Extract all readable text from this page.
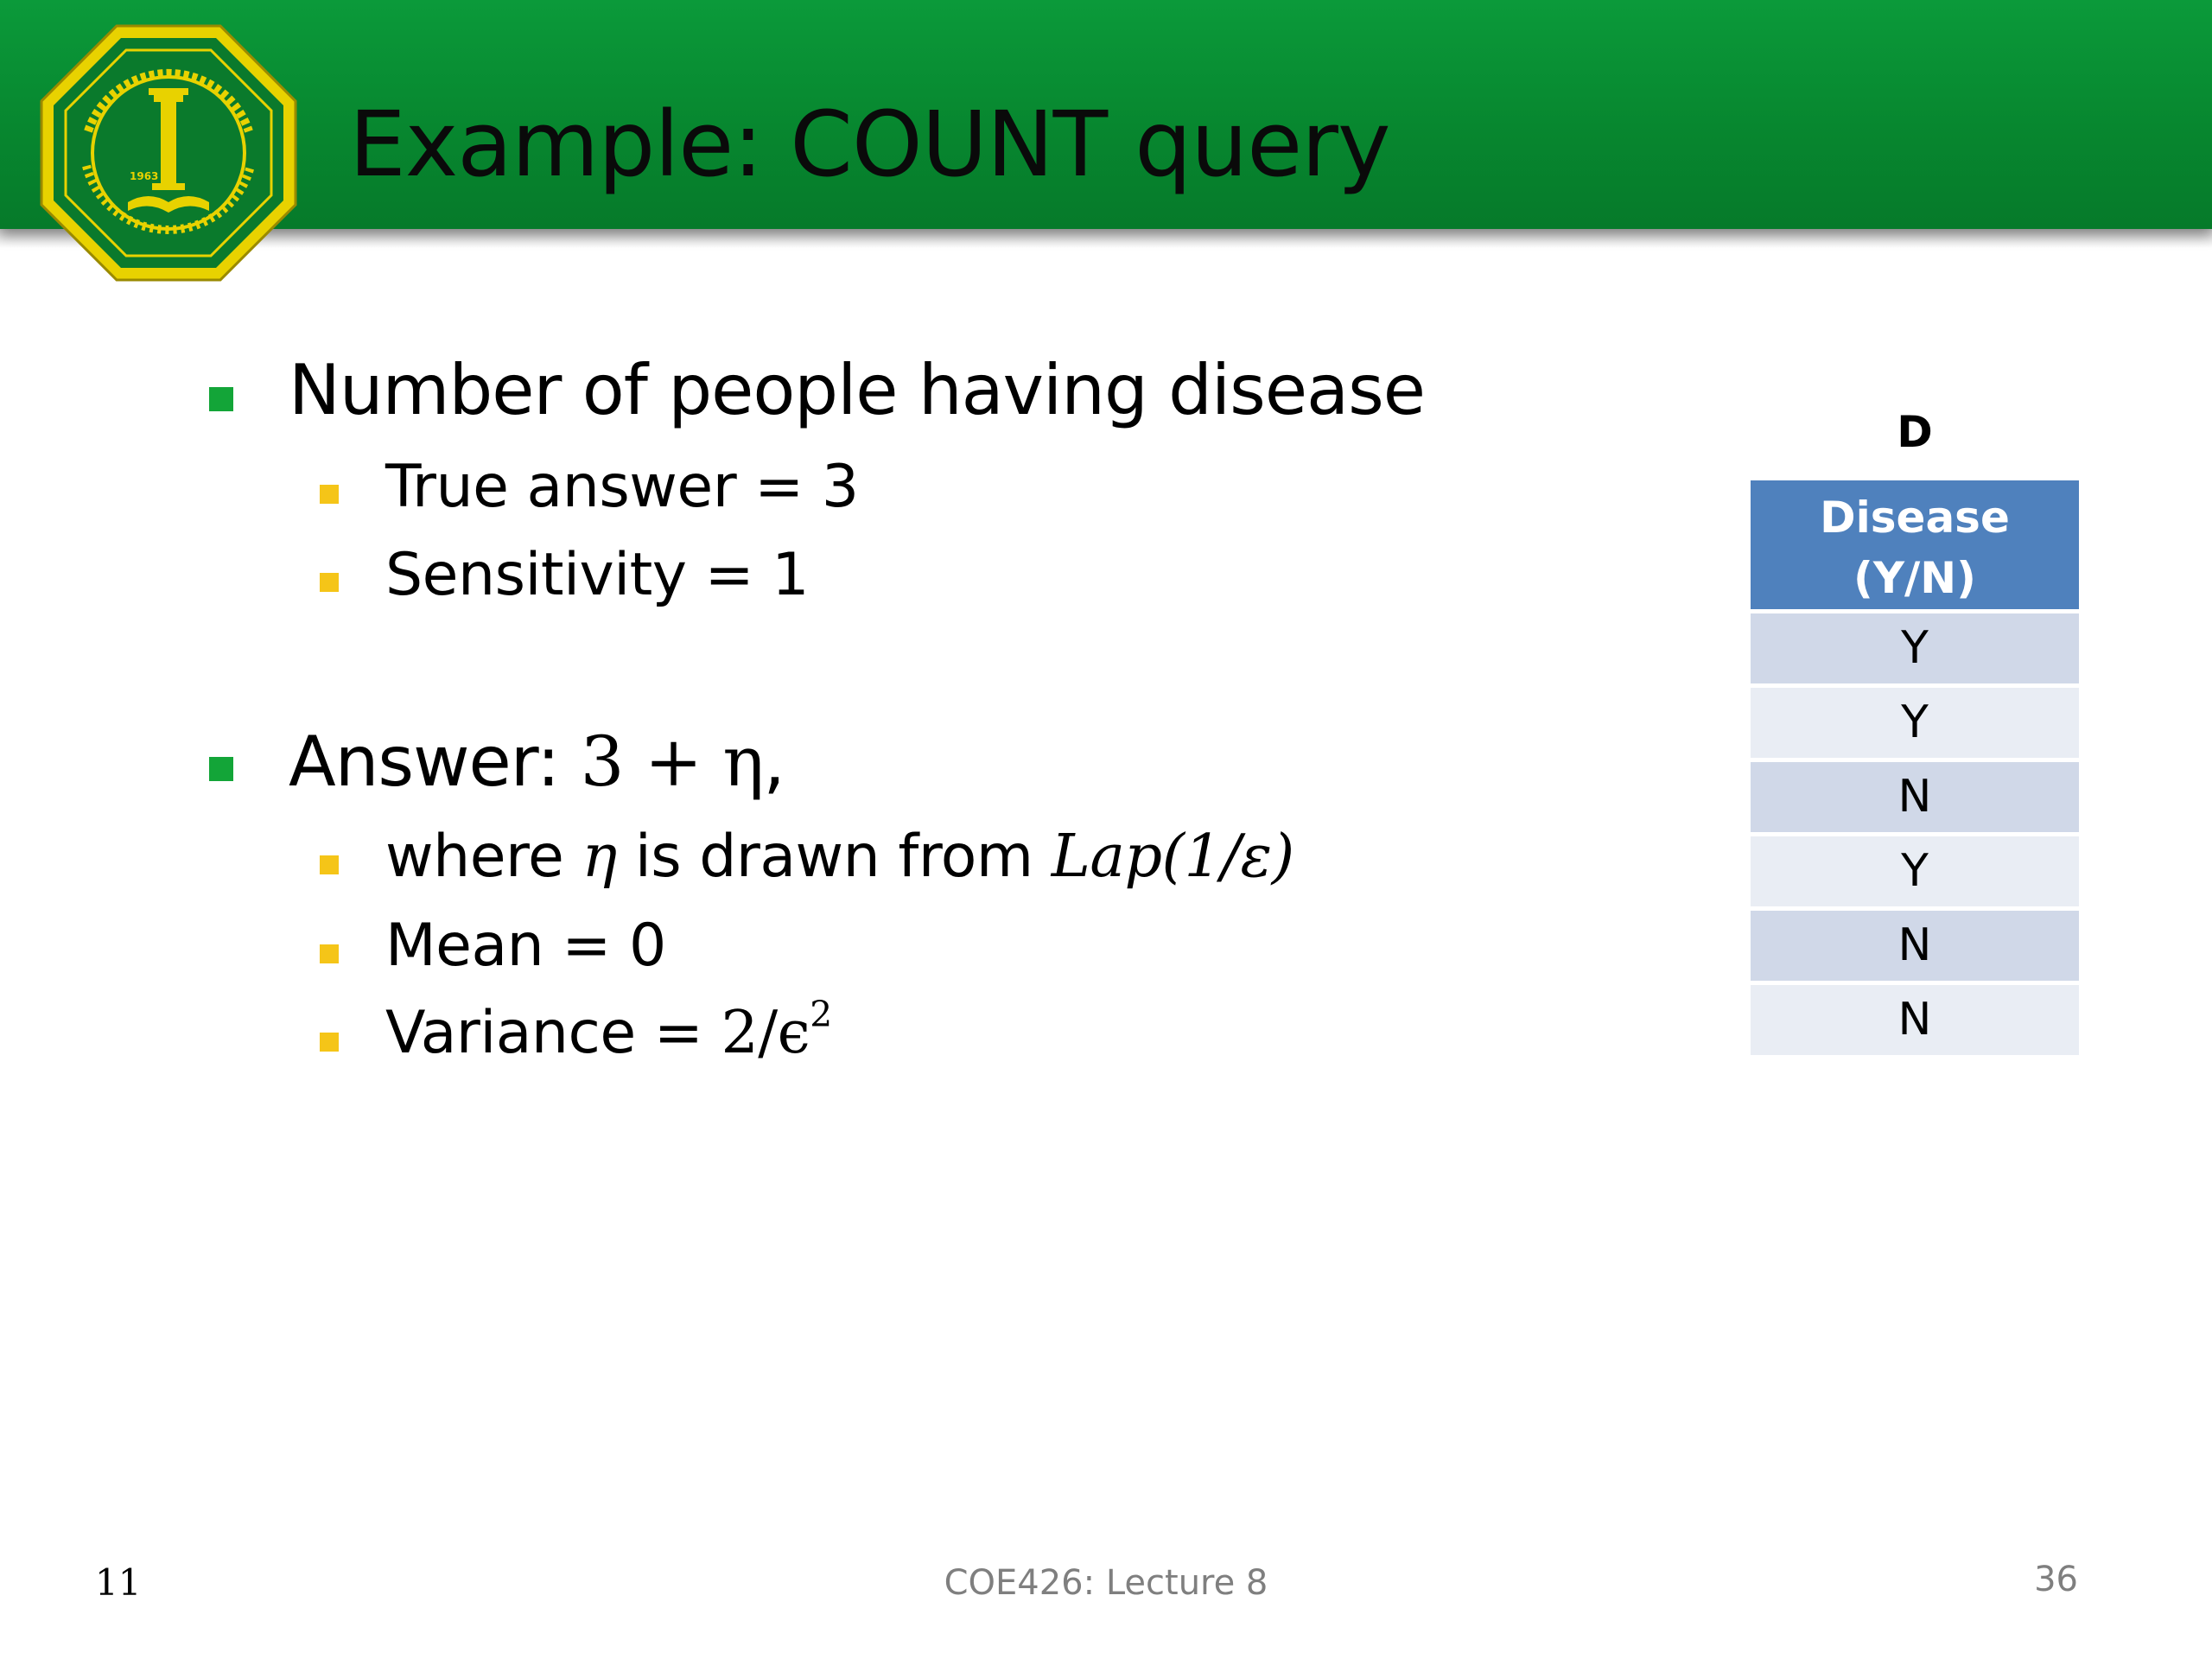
1963 Example: COUNT query
Number of people having disease
True answer = 3
Sensitivity = 1
Answer: 3 + η,
where η is drawn from Lap(1/ε)
Mean = 0
Variance = $2/\epsilon^2$
D
Disease
(Y/N)
Y
Y
N
Y
N
N
11	COE426: Lecture 8	36
